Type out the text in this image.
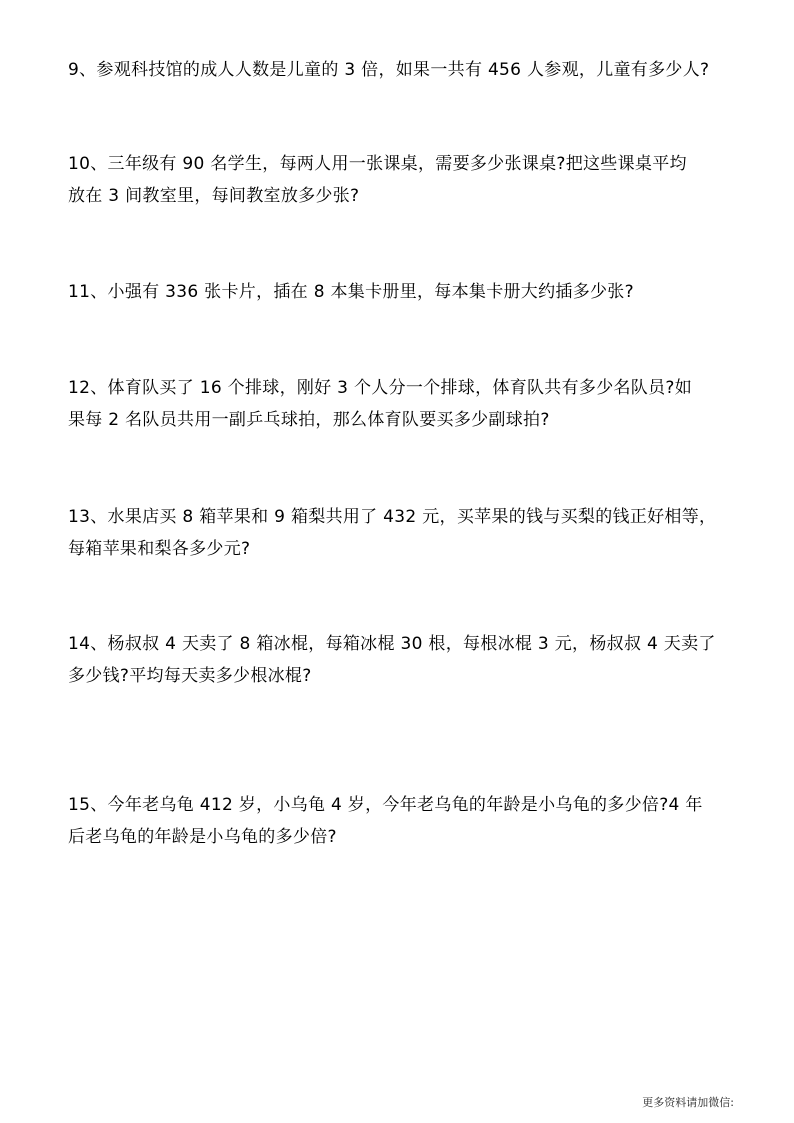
9、参观科技馆的成人人数是儿童的 3 倍，如果一共有 456 人参观，儿童有多少人?

10、三年级有 90 名学生，每两人用一张课桌，需要多少张课桌?把这些课桌平均
放在 3 间教室里，每间教室放多少张?

11、小强有 336 张卡片，插在 8 本集卡册里，每本集卡册大约插多少张?

12、体育队买了 16 个排球，刚好 3 个人分一个排球，体育队共有多少名队员?如
果每 2 名队员共用一副乒乓球拍，那么体育队要买多少副球拍?

13、水果店买 8 箱苹果和 9 箱梨共用了 432 元，买苹果的钱与买梨的钱正好相等，
每箱苹果和梨各多少元?

14、杨叔叔 4 天卖了 8 箱冰棍，每箱冰棍 30 根，每根冰棍 3 元，杨叔叔 4 天卖了
多少钱?平均每天卖多少根冰棍?

15、今年老乌龟 412 岁，小乌龟 4 岁，今年老乌龟的年龄是小乌龟的多少倍?4 年
后老乌龟的年龄是小乌龟的多少倍?

更多资料请加微信:
